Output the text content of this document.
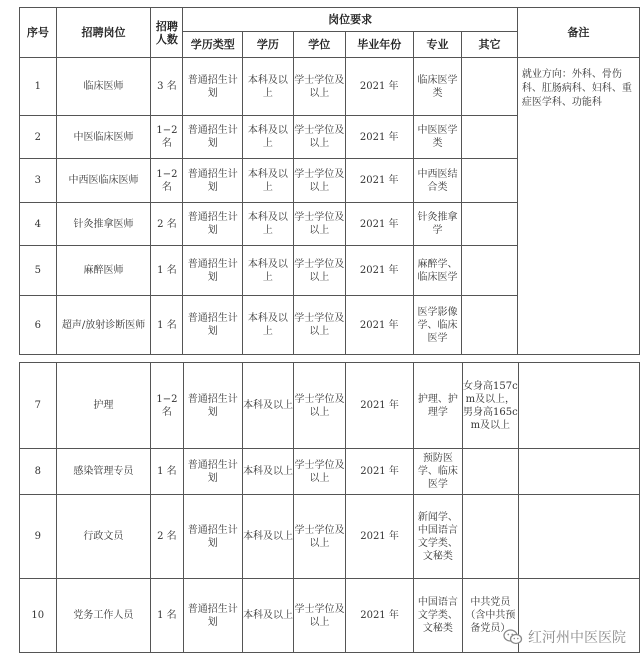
序号	招聘岗位	招聘人数	岗位要求						备注
			学历类型	学历	学位	毕业年份	专业	其它	
1	临床医师	3 名	普通招生计划	本科及以上	学士学位及以上	2021 年	临床医学类		就业方向：外科、骨伤科、肛肠病科、妇科、重症医学科、功能科
2	中医临床医师	1−2 名	普通招生计划	本科及以上	学士学位及以上	2021 年	中医医学类		
3	中西医临床医师	1−2 名	普通招生计划	本科及以上	学士学位及以上	2021 年	中西医结合类		
4	针灸推拿医师	2 名	普通招生计划	本科及以上	学士学位及以上	2021 年	针灸推拿学		
5	麻醉医师	1 名	普通招生计划	本科及以上	学士学位及以上	2021 年	麻醉学、临床医学		
6	超声/放射诊断医师	1 名	普通招生计划	本科及以上	学士学位及以上	2021 年	医学影像学、临床医学		
7	护理	1−2 名	普通招生计划	本科及以上	学士学位及以上	2021 年	护理、护理学	女身高157cm及以上，男身高165cm及以上	
8	感染管理专员	1 名	普通招生计划	本科及以上	学士学位及以上	2021 年	预防医学、临床医学		
9	行政文员	2 名	普通招生计划	本科及以上	学士学位及以上	2021 年	新闻学、中国语言文学类、文秘类		
10	党务工作人员	1 名	普通招生计划	本科及以上	学士学位及以上	2021 年	中国语言文学类、文秘类	中共党员（含中共预备党员）	
红河州中医医院
